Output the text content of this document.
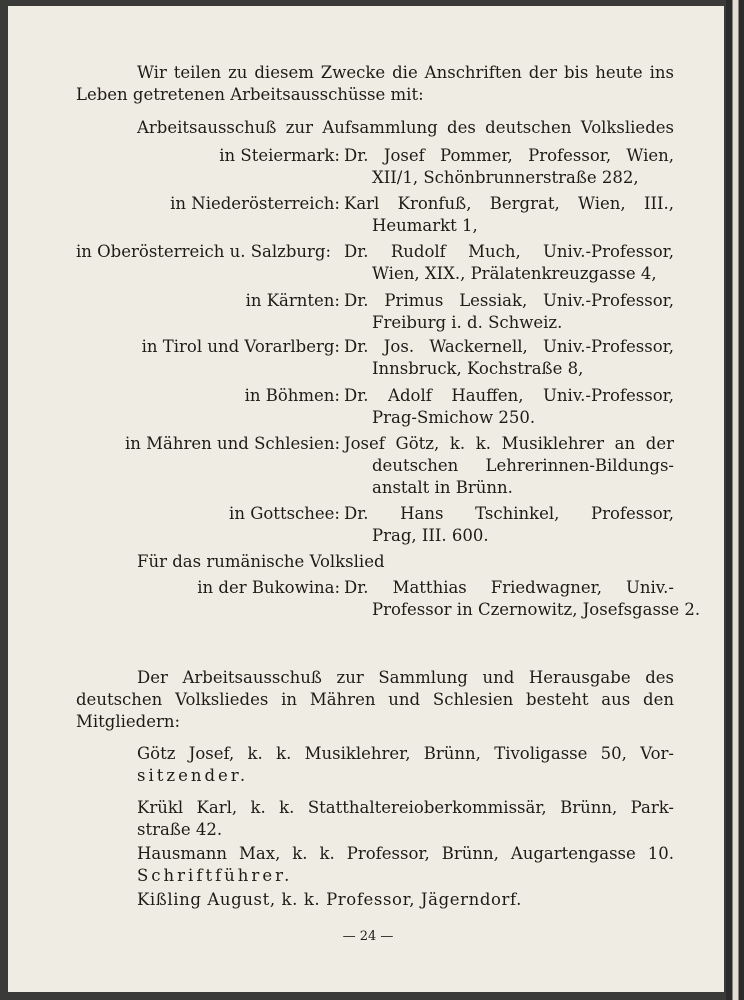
Wir teilen zu diesem Zwecke die Anschriften der bis heute ins
Leben getretenen Arbeitsausschüsse mit:
Arbeitsausschuß zur Aufsammlung des deutschen Volksliedes
in Steiermark: Dr. Josef Pommer, Professor, Wien,
XII/1, Schönbrunnerstraße 282,
in Niederösterreich: Karl Kronfuß, Bergrat, Wien, III.,
Heumarkt 1,
in Oberösterreich u. Salzburg: Dr. Rudolf Much, Univ.-Professor,
Wien, XIX., Prälatenkreuzgasse 4,
in Kärnten: Dr. Primus Lessiak, Univ.-Professor,
Freiburg i. d. Schweiz.
in Tirol und Vorarlberg: Dr. Jos. Wackernell, Univ.-Professor,
Innsbruck, Kochstraße 8,
in Böhmen: Dr. Adolf Hauffen, Univ.-Professor,
Prag-Smichow 250.
in Mähren und Schlesien: Josef Götz, k. k. Musiklehrer an der
deutschen Lehrerinnen-Bildungs-
anstalt in Brünn.
in Gottschee: Dr. Hans Tschinkel, Professor,
Prag, III. 600.
Für das rumänische Volkslied
in der Bukowina: Dr. Matthias Friedwagner, Univ.-
Professor in Czernowitz, Josefsgasse 2.
Der Arbeitsausschuß zur Sammlung und Herausgabe des
deutschen Volksliedes in Mähren und Schlesien besteht aus den
Mitgliedern:
Götz Josef, k. k. Musiklehrer, Brünn, Tivoligasse 50, Vor-
sitzender.
Krükl Karl, k. k. Statthaltereioberkommissär, Brünn, Park-
straße 42.
Hausmann Max, k. k. Professor, Brünn, Augartengasse 10.
Schriftführer.
Kißling August, k. k. Professor, Jägerndorf.
— 24 —
